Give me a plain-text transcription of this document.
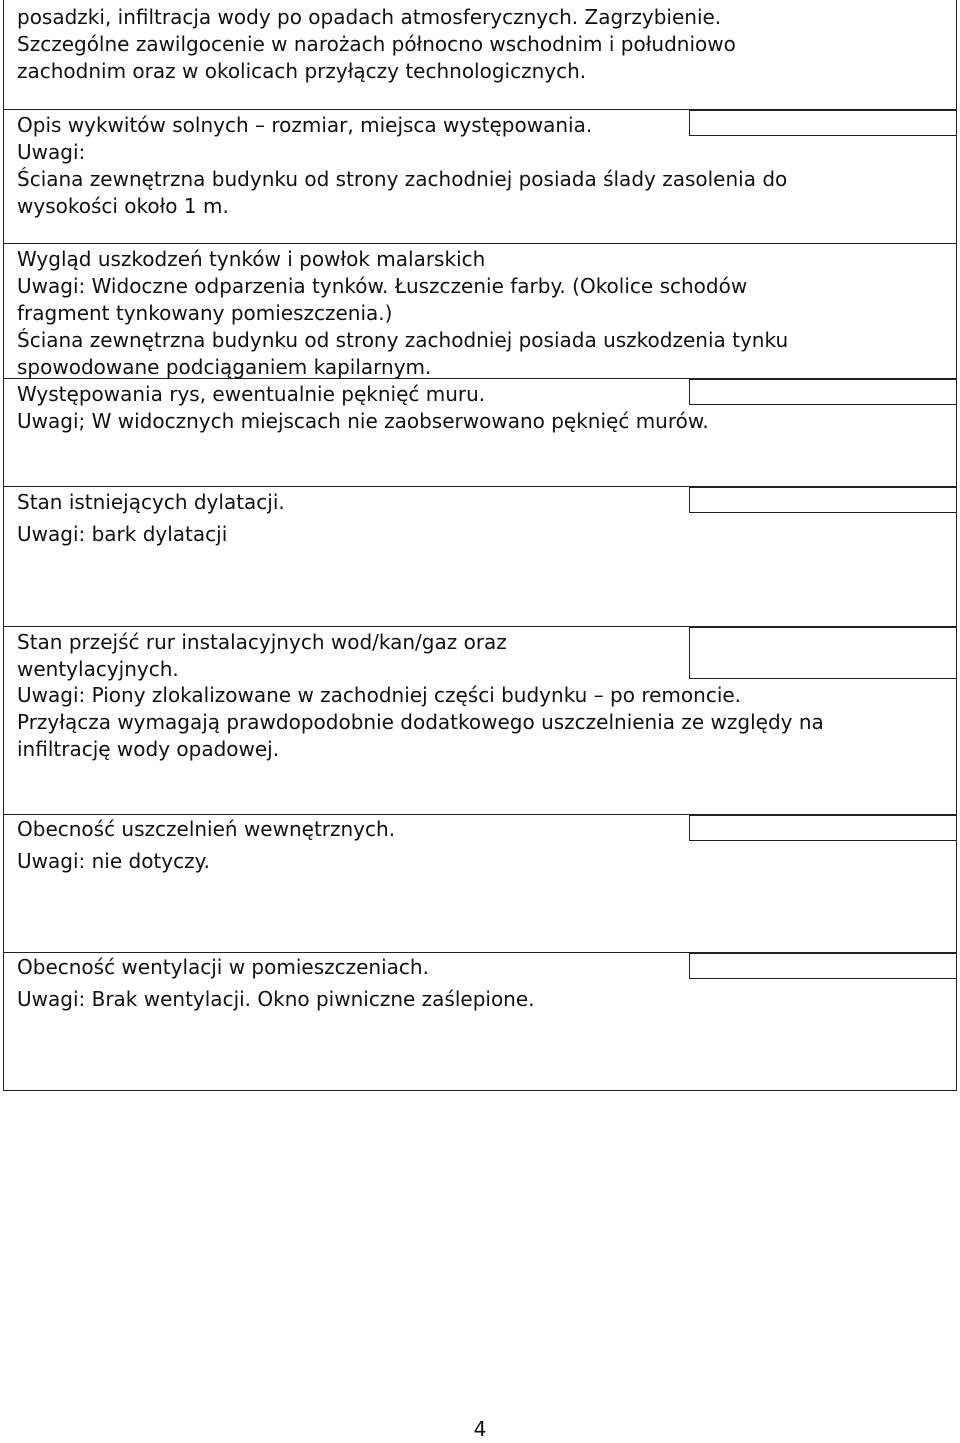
posadzki, infiltracja wody po opadach atmosferycznych. Zagrzybienie.
Szczególne zawilgocenie w narożach północno wschodnim i południowo
zachodnim oraz w okolicach przyłączy technologicznych.
Opis wykwitów solnych – rozmiar, miejsca występowania.
Uwagi:
Ściana zewnętrzna budynku od strony zachodniej posiada ślady zasolenia do
wysokości około 1 m.
Wygląd uszkodzeń tynków i powłok malarskich
Uwagi: Widoczne odparzenia tynków. Łuszczenie farby. (Okolice schodów
fragment tynkowany pomieszczenia.)
Ściana zewnętrzna budynku od strony zachodniej posiada uszkodzenia tynku
spowodowane podciąganiem kapilarnym.
Występowania rys, ewentualnie pęknięć muru.
Uwagi; W widocznych miejscach nie zaobserwowano pęknięć murów.
Stan istniejących dylatacji.
Uwagi: bark dylatacji
Stan przejść rur instalacyjnych wod/kan/gaz oraz
wentylacyjnych.
Uwagi: Piony zlokalizowane w zachodniej części budynku – po remoncie.
Przyłącza wymagają prawdopodobnie dodatkowego uszczelnienia ze względy na
infiltrację wody opadowej.
Obecność uszczelnień wewnętrznych.
Uwagi: nie dotyczy.
Obecność wentylacji w pomieszczeniach.
Uwagi: Brak wentylacji. Okno piwniczne zaślepione.
4
